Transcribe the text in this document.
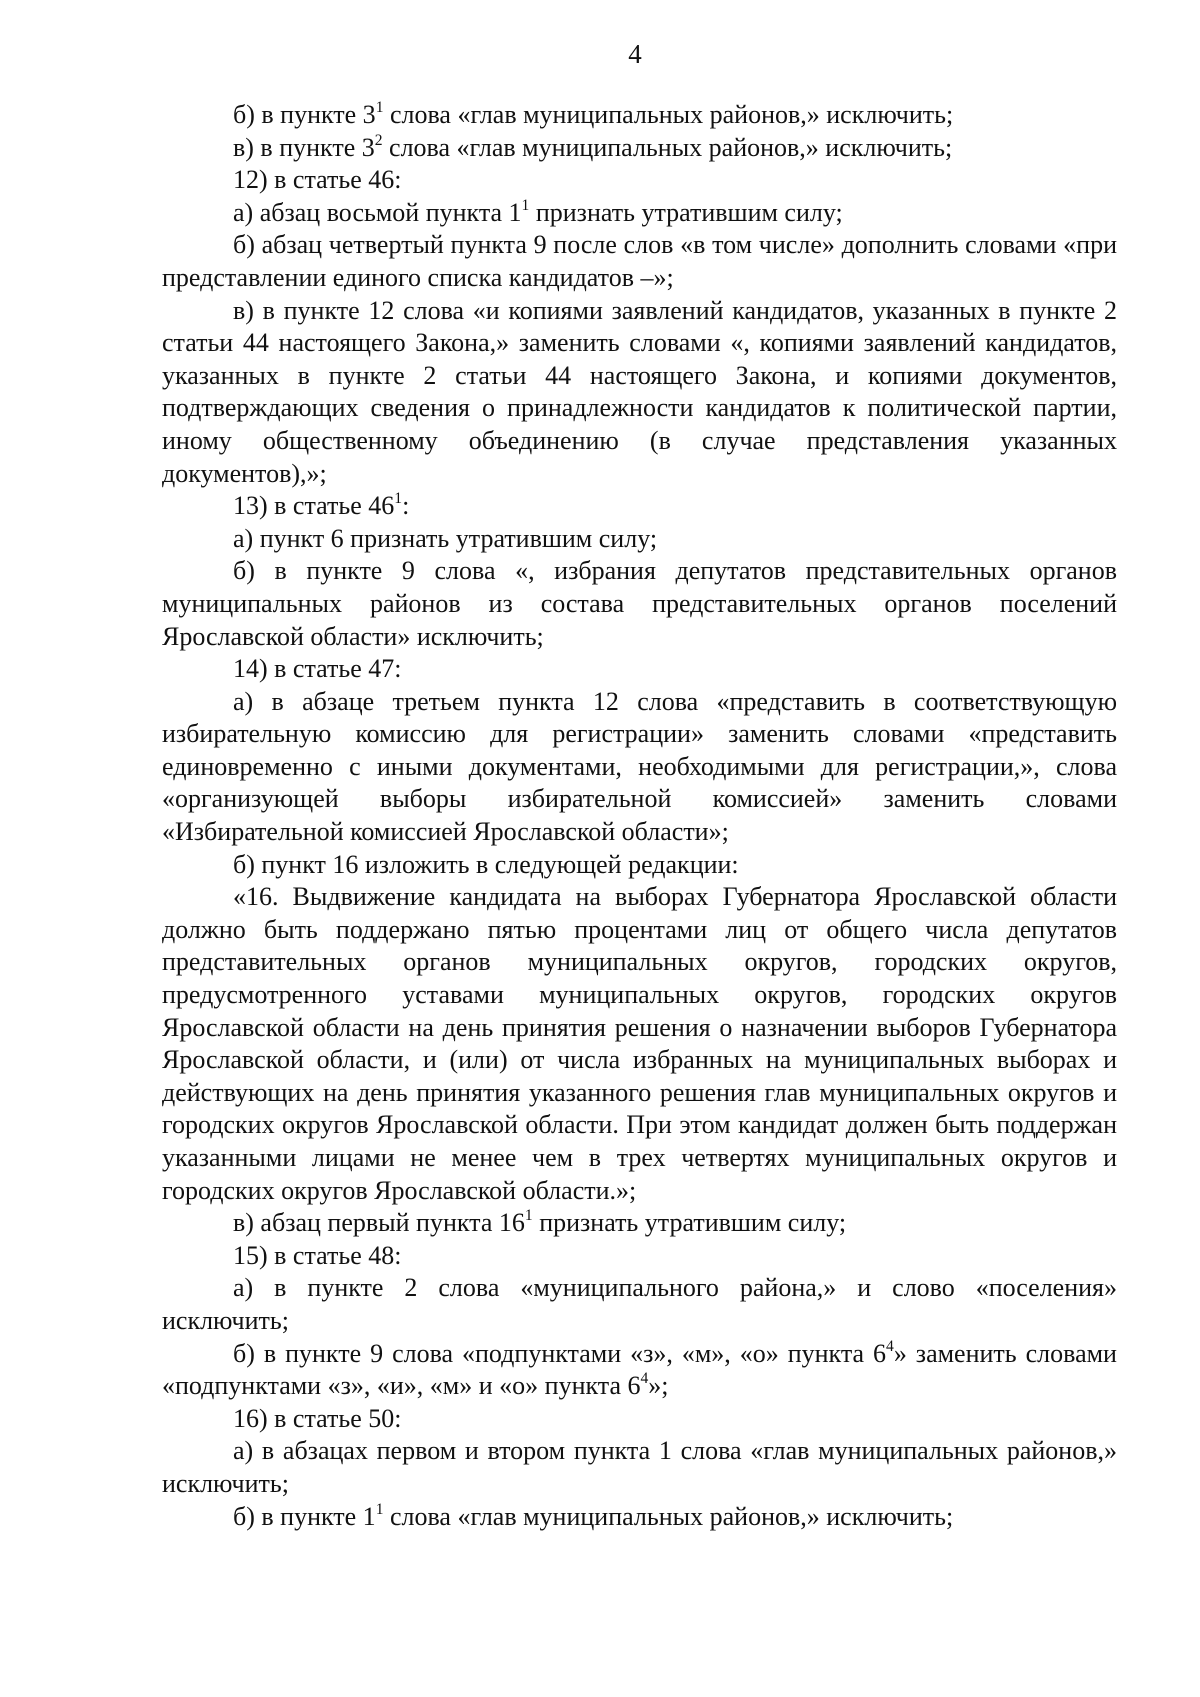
4

б) в пункте $3^1$ слова «глав муниципальных районов,» исключить;

в) в пункте $3^2$ слова «глав муниципальных районов,» исключить;

12) в статье 46:

а) абзац восьмой пункта $1^1$ признать утратившим силу;

б) абзац четвертый пункта 9 после слов «в том числе» дополнить словами «при представлении единого списка кандидатов –»;

в) в пункте 12 слова «и копиями заявлений кандидатов, указанных в пункте 2 статьи 44 настоящего Закона,» заменить словами «, копиями заявлений кандидатов, указанных в пункте 2 статьи 44 настоящего Закона, и копиями документов, подтверждающих сведения о принадлежности кандидатов к политической партии, иному общественному объединению (в случае представления указанных документов),»;

13) в статье $46^1$:

а) пункт 6 признать утратившим силу;

б) в пункте 9 слова «, избрания депутатов представительных органов муниципальных районов из состава представительных органов поселений Ярославской области» исключить;

14) в статье 47:

а) в абзаце третьем пункта 12 слова «представить в соответствующую избирательную комиссию для регистрации» заменить словами «представить единовременно с иными документами, необходимыми для регистрации,», слова «организующей выборы избирательной комиссией» заменить словами «Избирательной комиссией Ярославской области»;

б) пункт 16 изложить в следующей редакции:

«16. Выдвижение кандидата на выборах Губернатора Ярославской области должно быть поддержано пятью процентами лиц от общего числа депутатов представительных органов муниципальных округов, городских округов, предусмотренного уставами муниципальных округов, городских округов Ярославской области на день принятия решения о назначении выборов Губернатора Ярославской области, и (или) от числа избранных на муниципальных выборах и действующих на день принятия указанного решения глав муниципальных округов и городских округов Ярославской области. При этом кандидат должен быть поддержан указанными лицами не менее чем в трех четвертях муниципальных округов и городских округов Ярославской области.»;

в) абзац первый пункта $16^1$ признать утратившим силу;

15) в статье 48:

а) в пункте 2 слова «муниципального района,» и слово «поселения» исключить;

б) в пункте 9 слова «подпунктами «з», «м», «о» пункта $6^4$» заменить словами «подпунктами «з», «и», «м» и «о» пункта $6^4$»;

16) в статье 50:

а) в абзацах первом и втором пункта 1 слова «глав муниципальных районов,» исключить;

б) в пункте $1^1$ слова «глав муниципальных районов,» исключить;
